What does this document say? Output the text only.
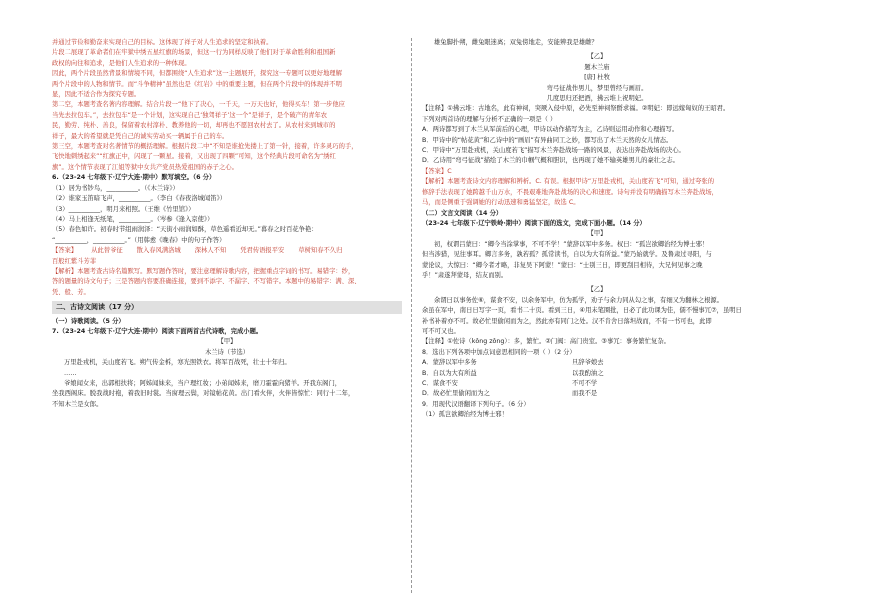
并通过节俭和勤奋来实现自己的目标。这体现了祥子对人生追求的坚定和执着。
片段二展现了革命者们在牢狱中绣五星红旗的场景，但这一行为同样反映了他们对于革命胜利和祖国新
政权的向往和追求，是他们人生追求的一种体现。
因此，两个片段虽然背景和情境不同，但都围绕“人生追求”这一主题展开，探究这一专题可以更好地理解
两个片段中的人物和情节。而“斗争精神”虽然也是《红岩》中的重要主题，但在两个片段中的体现并不明
显，因此不适合作为探究专题。
第二空，本题考查名著内容理解。结合片段一“他下了决心，一千天，一万天也好，他得买车！第一步他应
当先去拉包车。”，去拉包车“是一个计划，这实现自己‘独驾祥子’这一个”是祥子，是个破产的青年农
民，勤劳、纯朴、善良，保留着农村淳朴、教养他的一切，却再也不愿回农村去了。从农村来到城市的
祥子，最大的希望就是凭自己的诚实劳动买一辆属于自己的车。
第三空，本题考查对名著情节的概括理解。根据片段二中“不知是谁抢先搂上了第一针，接着，许多灵巧的手，
飞快地刺绣起来”“红旗正中，闪现了一颗星。接着，又出现了四颗”可知，这个经典片段可命名为“绣红
旗”。这个情节表现了江姐等狱中女共产党员热爱祖国的赤子之心。
6.（23-24 七年级下·辽宁大连·期中）默写填空。（6 分）
（1）居为书钞鸟，__________。（《木兰诗》）
（2）谁家玉笛暗飞声，__________。（李白《春夜洛城闻笛》）
（3）__________，明月来相照。（王维《竹里馆》）
（4）马上相逢无纸笔，__________。（岑参《逢入京使》）
（5）春色如许。初春时节组雨润泽：“天街小雨润如酥，草色遥看近却无。”暮春之时百花争艳：
“__________，__________。”（用韩愈《晚春》中的句子作答）
【答案】 从此替爷征 散入春风满洛城 深林人不知 凭君传语报平安 草树知春不久归
百般红紫斗芳菲
【解析】本题考查古诗名篇默写。默写题作答时，要注意理解诗歌内容，把握重点字词的书写。易错字：纱，
答的题量的诗文句子；三是答题内容要准确连接，要到不添字、不漏字、不写错字。本题中的易错字：满、深、
凭、般、芳。
二、古诗文阅读（17 分）
（一）诗歌阅读。（5 分）
7.（23-24 七年级下·辽宁大连·期中）阅读下面两首古代诗歌，完成小题。
【甲】
木兰诗（节选）
万里赴戎机，关山度若飞。朔气传金柝，寒光照铁衣。将军百战死，壮士十年归。
……
爷娘闻女来，出郭相扶将；阿姊闻妹来，当户理红妆；小弟闻姊来，磨刀霍霍向猪羊。开我东阁门，
坐我西阁床。脱我战时袍，着我旧时裳。当窗理云鬓，对镜帖花黄。出门看火伴，火伴皆惊忙：同行十二年，
不知木兰是女郎。
雄兔脚扑朔，雌兔眼迷离；双兔傍地走，安能辨我是雄雌？
【乙】
题木兰庙
[唐] 杜牧
弯弓征战作男儿，梦里曾经与画眉。
几度思归还把酒，拂云堆上祝明妃。
【注释】①拂云堆：古地名，此有神祠，突厥入侵中原，必先至神祠祭酹求福。②明妃：即远嫁匈奴的王昭君。
下列对两首诗的理解与分析不正确的一项是（ ）
A．两诗都写到了木兰从军前后的心理，甲诗以动作描写为主，乙诗则运用动作和心理描写。
B．甲诗中的“帖花黄”和乙诗中的“画眉”有异曲同工之妙，都写出了木兰天然的女儿情态。
C．甲诗中“万里赴戎机，关山度若飞”描写木兰奔赴战场一路的风景，表达出奔赴战场的决心。
D．乙诗用“弯弓征战”描绘了木兰的巾帼气概和胆识，也再现了她不输英雄男儿的豪壮之志。
【答案】C
【解析】本题考查诗文内容理解和辨析。C. 有误。根据甲诗“万里赴戎机，关山度若飞”可知，通过夸张的
修辞手法表现了她跨越千山万水，不畏艰难地奔赴战场的决心和速度。诗句并没有明确描写木兰奔赴战场，
马，而是侧重于强调她的行动迅速和勇猛坚定，故选 C。
（二）文言文阅读（14 分）
（23-24 七年级下·辽宁铁岭·期中）阅读下面的选文，完成下面小题。（14 分）
【甲】
初，权谓吕蒙曰：“卿今当涂掌事，不可不学！”蒙辞以军中多务。权曰：“孤岂欲卿治经为博士邪！
但当涉猎，见往事耳。卿言多务，孰若孤？孤常读书，自以为大有所益。”蒙乃始就学。及鲁肃过寻阳，与
蒙论议，大惊曰：“卿今者才略，非复吴下阿蒙！”蒙曰：“士别三日，即更刮目相待，大兄何见事之晚
乎！”肃遂拜蒙母，结友而别。
【乙】
余谓曰以事务佐⑥，谋食不安，以余务军中，仿为孤学，劝子与余力同从勾之事，有细又为翻林之根源。
余虽在军中，南日日写字一页，看书二十页。看到三日，④用未笔圈批，日必了此功课为佳，儒不慢事冗⑦，虽明日
补书补着亦不可。故必忙里偷闲而为之，然此亦有同门之处。汉不肯舍日落坦战而，不有一书可也，此即
可不可又也。
【注释】①佐诗（kǒng zǒng）：多，繁忙。②门阀：高门贵室。③事冗：事务繁忙复杂。
8．选出下列各项中加点词意思相同的一项（ ）（2 分）
A．蒙辞以军中多务	旦辞爷娘去
B．自以为大有所益	以我酌油之
C．谋食不安	不可不学
D．故必忙里偷闲而为之	而我不是
9．用现代汉语翻译下列句子。（6 分）
（1）孤岂欲卿治经为博士邪！
